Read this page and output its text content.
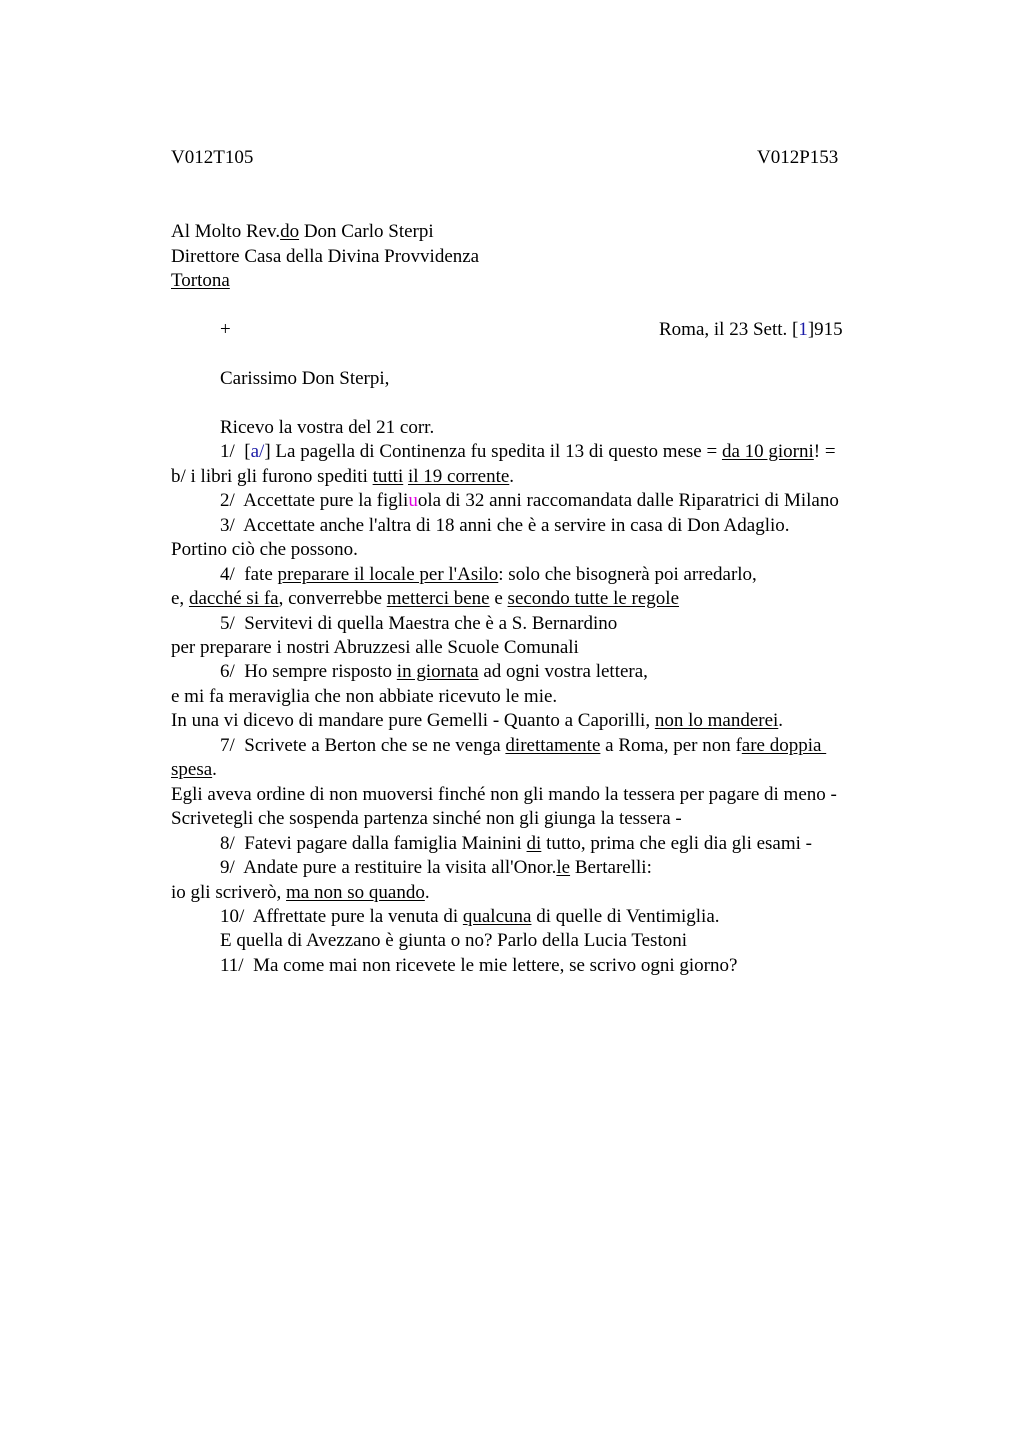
V012T105	V012P153
Al Molto Rev.do Don Carlo Sterpi
Direttore Casa della Divina Provvidenza
Tortona
+	Roma, il 23 Sett. [1]915
Carissimo Don Sterpi,
Ricevo la vostra del 21 corr.
1/  [a/] La pagella di Continenza fu spedita il 13 di questo mese = da 10 giorni! =
b/ i libri gli furono spediti tutti il 19 corrente.
2/  Accettate pure la figliuola di 32 anni raccomandata dalle Riparatrici di Milano
3/  Accettate anche l'altra di 18 anni che è a servire in casa di Don Adaglio.
Portino ciò che possono.
4/  fate preparare il locale per l'Asilo: solo che bisognerà poi arredarlo,
e, dacché si fa, converrebbe metterci bene e secondo tutte le regole
5/  Servitevi di quella Maestra che è a S. Bernardino
per preparare i nostri Abruzzesi alle Scuole Comunali
6/  Ho sempre risposto in giornata ad ogni vostra lettera,
e mi fa meraviglia che non abbiate ricevuto le mie.
In una vi dicevo di mandare pure Gemelli - Quanto a Caporilli, non lo manderei.
7/  Scrivete a Berton che se ne venga direttamente a Roma, per non fare doppia
spesa.
Egli aveva ordine di non muoversi finché non gli mando la tessera per pagare di meno -
Scrivetegli che sospenda partenza sinché non gli giunga la tessera -
8/  Fatevi pagare dalla famiglia Mainini di tutto, prima che egli dia gli esami -
9/  Andate pure a restituire la visita all'Onor.le Bertarelli:
io gli scriverò, ma non so quando.
10/  Affrettate pure la venuta di qualcuna di quelle di Ventimiglia.
E quella di Avezzano è giunta o no? Parlo della Lucia Testoni
11/  Ma come mai non ricevete le mie lettere, se scrivo ogni giorno?
